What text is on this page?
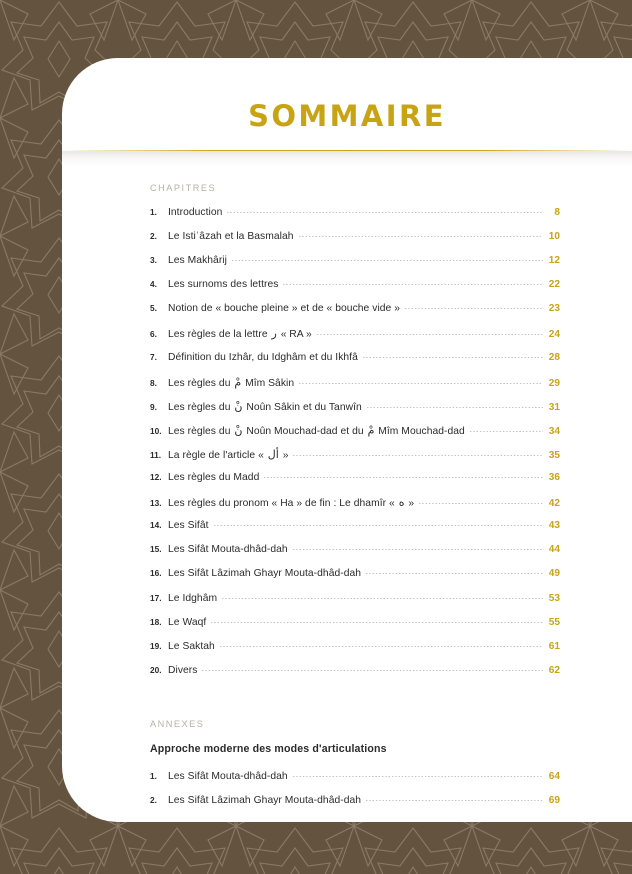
SOMMAIRE
CHAPITRES
1.	Introduction	8
2.	Le Istiʿâzah et la Basmalah	10
3.	Les Makhârij	12
4.	Les surnoms des lettres	22
5.	Notion de « bouche pleine » et de « bouche vide »	23
6.	Les règles de la lettre ر « RA »	24
7.	Définition du Izhâr, du Idghâm et du Ikhfâ	28
8.	Les règles du مْ Mîm Sâkin	29
9.	Les règles du نْ Noûn Sâkin et du Tanwîn	31
10. Les règles du نْ Noûn Mouchad-dad et du مْ Mîm Mouchad-dad	34
11. La règle de l'article « أل »	35
12. Les règles du Madd	36
13. Les règles du pronom « Ha » de fin : Le dhamîr « ه »	42
14. Les Sifât	43
15. Les Sifât Mouta-dhâd-dah	44
16. Les Sifât Lâzimah Ghayr Mouta-dhâd-dah	49
17. Le Idghâm	53
18. Le Waqf	55
19. Le Saktah	61
20. Divers	62
ANNEXES
Approche moderne des modes d'articulations
1.	Les Sifât Mouta-dhâd-dah	64
2.	Les Sifât Lâzimah Ghayr Mouta-dhâd-dah	69
